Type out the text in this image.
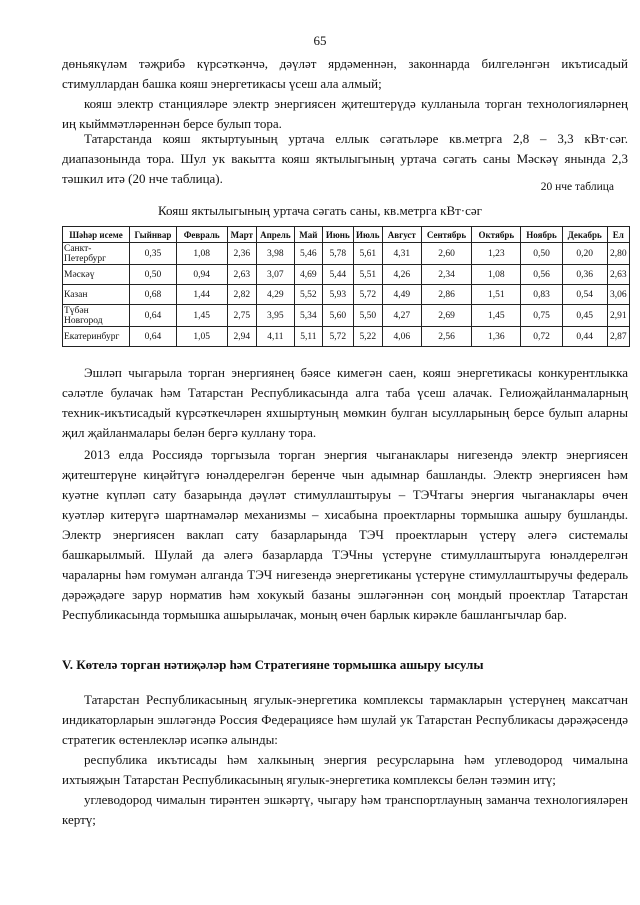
65

дөньякүләм тәҗрибә күрсәткәнчә, дәүләт ярдәменнән, законнарда билгеләнгән икътисадый стимуллардан башка кояш энергетикасы үсеш ала алмый;

кояш электр станцияләре электр энергиясен җитештерүдә кулланыла торган технологияләрнең иң кыйммәтләреннән берсе булып тора.

Татарстанда кояш яктыртуының уртача еллык сәгатьләре кв.метрга 2,8 – 3,3 кВт·сәг. диапазонында тора. Шул ук вакытта кояш яктылыгының уртача сәгать саны Мәскәү янында 2,3 тәшкил итә (20 нче таблица).

20 нче таблица
Кояш яктылыгының уртача сәгать саны, кв.метрга кВт·сәг
Шәһәр исеме	Гыйнвар	Февраль	Март	Апрель	Май	Июнь	Июль	Август	Сентябрь	Октябрь	Ноябрь	Декабрь	Ел
Санкт-Петербург	0,35	1,08	2,36	3,98	5,46	5,78	5,61	4,31	2,60	1,23	0,50	0,20	2,80
Мәскәү	0,50	0,94	2,63	3,07	4,69	5,44	5,51	4,26	2,34	1,08	0,56	0,36	2,63
Казан	0,68	1,44	2,82	4,29	5,52	5,93	5,72	4,49	2,86	1,51	0,83	0,54	3,06
Түбән Новгород	0,64	1,45	2,75	3,95	5,34	5,60	5,50	4,27	2,69	1,45	0,75	0,45	2,91
Екатеринбург	0,64	1,05	2,94	4,11	5,11	5,72	5,22	4,06	2,56	1,36	0,72	0,44	2,87

Эшләп чыгарыла торган энергиянең бәясе кимегән саен, кояш энергетикасы конкурентлыкка сәләтле булачак һәм Татарстан Республикасында алга таба үсеш алачак. Гелиоҗайланмаларның техник-икътисадый күрсәткечләрен яхшыртуның мөмкин булган ысулларының берсе булып аларны җил җайланмалары белән бергә куллану тора.

2013 елда Россиядә торгызыла торган энергия чыганаклары нигезендә электр энергиясен җитештерүне киңәйтүгә юнәлдерелгән беренче чын адымнар башланды. Электр энергиясен һәм куәтне күпләп сату базарында дәүләт стимуллаштыруы – ТЭЧтагы энергия чыганаклары өчен куәтләр китерүгә шартнамәләр механизмы – хисабына проектларны тормышка ашыру бушланды. Электр энергиясен ваклап сату базарларында ТЭЧ проектларын үстерү әлегә системалы башкарылмый. Шулай да әлегә базарларда ТЭЧны үстерүне стимуллаштыруга юнәлдерелгән чараларны һәм гомумән алганда ТЭЧ нигезендә энергетиканы үстерүне стимуллаштыручы федераль дәрәҗәдәге зарур норматив һәм хокукый базаны эшләгәннән соң мондый проектлар Татарстан Республикасында тормышка ашырылачак, моның өчен барлык кирәкле башлангычлар бар.

V. Көтелә торган нәтиҗәләр һәм Стратегияне тормышка ашыру ысулы

Татарстан Республикасының ягулык-энергетика комплексы тармакларын үстерүнең максатчан индикаторларын эшләгәндә Россия Федерациясе һәм шулай ук Татарстан Республикасы дәрәҗәсендә стратегик өстенлекләр исәпкә алынды:

республика икътисады һәм халкының энергия ресурсларына һәм углеводород чималына ихтыяҗын Татарстан Республикасының ягулык-энергетика комплексы белән тәэмин итү;

углеводород чималын тирәнтен эшкәртү, чыгару һәм транспортлауның заманча технологияләрен кертү;
